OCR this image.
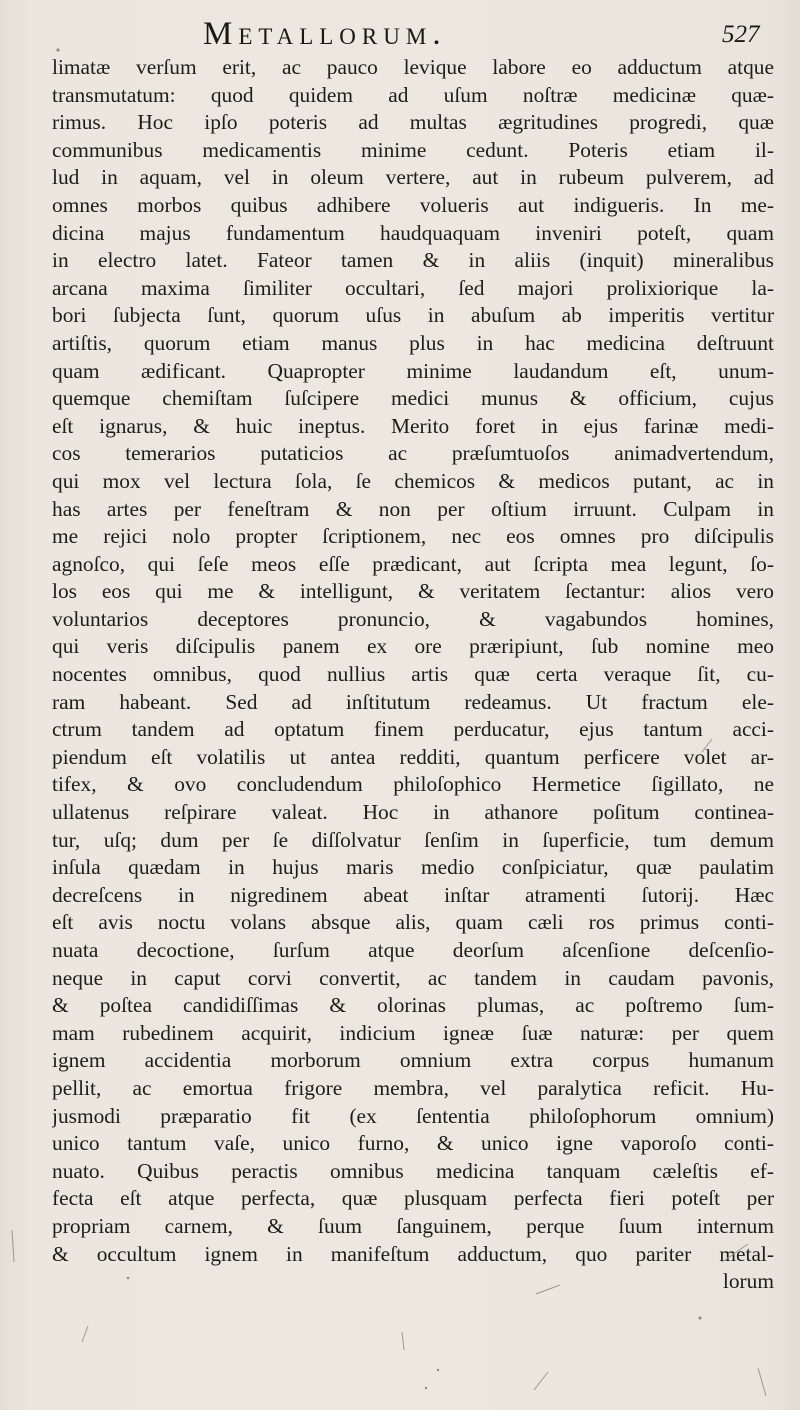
Metallorum.	527
limatæ verſum erit, ac pauco levique labore eo adductum atque
transmutatum: quod quidem ad uſum noſtræ medicinæ quæ-
rimus. Hoc ipſo poteris ad multas ægritudines progredi, quæ
communibus medicamentis minime cedunt. Poteris etiam il-
lud in aquam, vel in oleum vertere, aut in rubeum pulverem, ad
omnes morbos quibus adhibere volueris aut indigueris. In me-
dicina majus fundamentum haudquaquam inveniri poteſt, quam
in electro latet. Fateor tamen & in aliis (inquit) mineralibus
arcana maxima ſimiliter occultari, ſed majori prolixiorique la-
bori ſubjecta ſunt, quorum uſus in abuſum ab imperitis vertitur
artiſtis, quorum etiam manus plus in hac medicina deſtruunt
quam ædificant. Quapropter minime laudandum eſt, unum-
quemque chemiſtam ſuſcipere medici munus & officium, cujus
eſt ignarus, & huic ineptus. Merito foret in ejus farinæ medi-
cos temerarios putaticios ac præſumtuoſos animadvertendum,
qui mox vel lectura ſola, ſe chemicos & medicos putant, ac in
has artes per feneſtram & non per oſtium irruunt. Culpam in
me rejici nolo propter ſcriptionem, nec eos omnes pro diſcipulis
agnoſco, qui ſeſe meos eſſe prædicant, aut ſcripta mea legunt, ſo-
los eos qui me & intelligunt, & veritatem ſectantur: alios vero
voluntarios deceptores pronuncio, & vagabundos homines,
qui veris diſcipulis panem ex ore præripiunt, ſub nomine meo
nocentes omnibus, quod nullius artis quæ certa veraque ſit, cu-
ram habeant. Sed ad inſtitutum redeamus. Ut fractum ele-
ctrum tandem ad optatum finem perducatur, ejus tantum acci-
piendum eſt volatilis ut antea redditi, quantum perficere volet ar-
tifex, & ovo concludendum philoſophico Hermetice ſigillato, ne
ullatenus reſpirare valeat. Hoc in athanore poſitum continea-
tur, uſq; dum per ſe diſſolvatur ſenſim in ſuperficie, tum demum
inſula quædam in hujus maris medio conſpiciatur, quæ paulatim
decreſcens in nigredinem abeat inſtar atramenti ſutorij. Hæc
eſt avis noctu volans absque alis, quam cæli ros primus conti-
nuata decoctione, ſurſum atque deorſum aſcenſione deſcenſio-
neque in caput corvi convertit, ac tandem in caudam pavonis,
& poſtea candidiſſimas & olorinas plumas, ac poſtremo ſum-
mam rubedinem acquirit, indicium igneæ ſuæ naturæ: per quem
ignem accidentia morborum omnium extra corpus humanum
pellit, ac emortua frigore membra, vel paralytica reficit. Hu-
jusmodi præparatio fit (ex ſententia philoſophorum omnium)
unico tantum vaſe, unico furno, & unico igne vaporoſo conti-
nuato. Quibus peractis omnibus medicina tanquam cæleſtis ef-
fecta eſt atque perfecta, quæ plusquam perfecta fieri poteſt per
propriam carnem, & ſuum ſanguinem, perque ſuum internum
& occultum ignem in manifeſtum adductum, quo pariter metal-
lorum
